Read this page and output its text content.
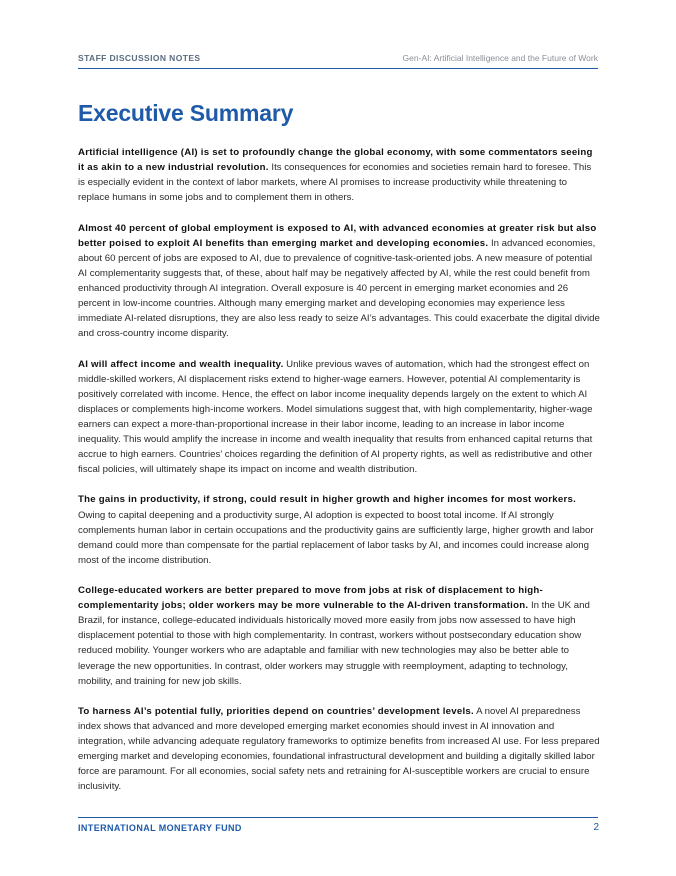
STAFF DISCUSSION NOTES	Gen-AI: Artificial Intelligence and the Future of Work
Executive Summary

Artificial intelligence (AI) is set to profoundly change the global economy, with some commentators seeing it as akin to a new industrial revolution. Its consequences for economies and societies remain hard to foresee. This is especially evident in the context of labor markets, where AI promises to increase productivity while threatening to replace humans in some jobs and to complement them in others.

Almost 40 percent of global employment is exposed to AI, with advanced economies at greater risk but also better poised to exploit AI benefits than emerging market and developing economies. In advanced economies, about 60 percent of jobs are exposed to AI, due to prevalence of cognitive-task-oriented jobs. A new measure of potential AI complementarity suggests that, of these, about half may be negatively affected by AI, while the rest could benefit from enhanced productivity through AI integration. Overall exposure is 40 percent in emerging market economies and 26 percent in low-income countries. Although many emerging market and developing economies may experience less immediate AI-related disruptions, they are also less ready to seize AI’s advantages. This could exacerbate the digital divide and cross-country income disparity.

AI will affect income and wealth inequality. Unlike previous waves of automation, which had the strongest effect on middle-skilled workers, AI displacement risks extend to higher-wage earners. However, potential AI complementarity is positively correlated with income. Hence, the effect on labor income inequality depends largely on the extent to which AI displaces or complements high-income workers. Model simulations suggest that, with high complementarity, higher-wage earners can expect a more-than-proportional increase in their labor income, leading to an increase in labor income inequality. This would amplify the increase in income and wealth inequality that results from enhanced capital returns that accrue to high earners. Countries’ choices regarding the definition of AI property rights, as well as redistributive and other fiscal policies, will ultimately shape its impact on income and wealth distribution.

The gains in productivity, if strong, could result in higher growth and higher incomes for most workers. Owing to capital deepening and a productivity surge, AI adoption is expected to boost total income. If AI strongly complements human labor in certain occupations and the productivity gains are sufficiently large, higher growth and labor demand could more than compensate for the partial replacement of labor tasks by AI, and incomes could increase along most of the income distribution.

College-educated workers are better prepared to move from jobs at risk of displacement to high-complementarity jobs; older workers may be more vulnerable to the AI-driven transformation. In the UK and Brazil, for instance, college-educated individuals historically moved more easily from jobs now assessed to have high displacement potential to those with high complementarity. In contrast, workers without postsecondary education show reduced mobility. Younger workers who are adaptable and familiar with new technologies may also be better able to leverage the new opportunities. In contrast, older workers may struggle with reemployment, adapting to technology, mobility, and training for new job skills.

To harness AI’s potential fully, priorities depend on countries’ development levels. A novel AI preparedness index shows that advanced and more developed emerging market economies should invest in AI innovation and integration, while advancing adequate regulatory frameworks to optimize benefits from increased AI use. For less prepared emerging market and developing economies, foundational infrastructural development and building a digitally skilled labor force are paramount. For all economies, social safety nets and retraining for AI-susceptible workers are crucial to ensure inclusivity.

INTERNATIONAL MONETARY FUND	2
思创网
